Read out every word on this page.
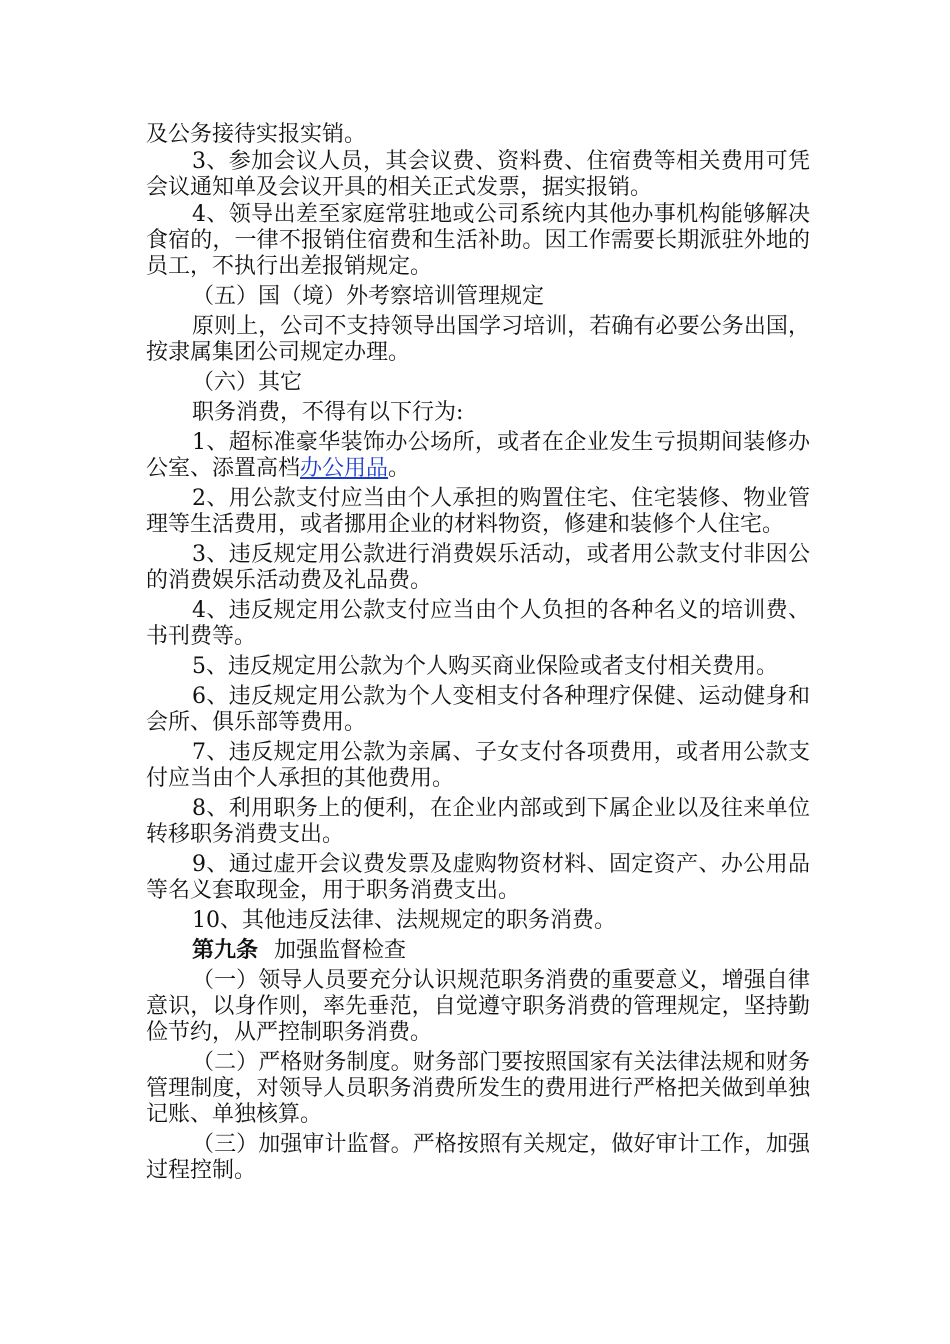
及公务接待实报实销。

3、参加会议人员，其会议费、资料费、住宿费等相关费用可凭会议通知单及会议开具的相关正式发票，据实报销。

4、领导出差至家庭常驻地或公司系统内其他办事机构能够解决食宿的，一律不报销住宿费和生活补助。因工作需要长期派驻外地的员工，不执行出差报销规定。

（五）国（境）外考察培训管理规定

原则上，公司不支持领导出国学习培训，若确有必要公务出国，按隶属集团公司规定办理。

（六）其它

职务消费，不得有以下行为:

1、超标准豪华装饰办公场所，或者在企业发生亏损期间装修办公室、添置高档办公用品。

2、用公款支付应当由个人承担的购置住宅、住宅装修、物业管理等生活费用，或者挪用企业的材料物资，修建和装修个人住宅。

3、违反规定用公款进行消费娱乐活动，或者用公款支付非因公的消费娱乐活动费及礼品费。

4、违反规定用公款支付应当由个人负担的各种名义的培训费、书刊费等。

5、违反规定用公款为个人购买商业保险或者支付相关费用。

6、违反规定用公款为个人变相支付各种理疗保健、运动健身和会所、俱乐部等费用。

7、违反规定用公款为亲属、子女支付各项费用，或者用公款支付应当由个人承担的其他费用。

8、利用职务上的便利，在企业内部或到下属企业以及往来单位转移职务消费支出。

9、通过虚开会议费发票及虚购物资材料、固定资产、办公用品等名义套取现金，用于职务消费支出。

10、其他违反法律、法规规定的职务消费。

第九条 加强监督检查

（一）领导人员要充分认识规范职务消费的重要意义，增强自律意识，以身作则，率先垂范，自觉遵守职务消费的管理规定，坚持勤俭节约，从严控制职务消费。

（二）严格财务制度。财务部门要按照国家有关法律法规和财务管理制度，对领导人员职务消费所发生的费用进行严格把关做到单独记账、单独核算。

（三）加强审计监督。严格按照有关规定，做好审计工作，加强过程控制。
